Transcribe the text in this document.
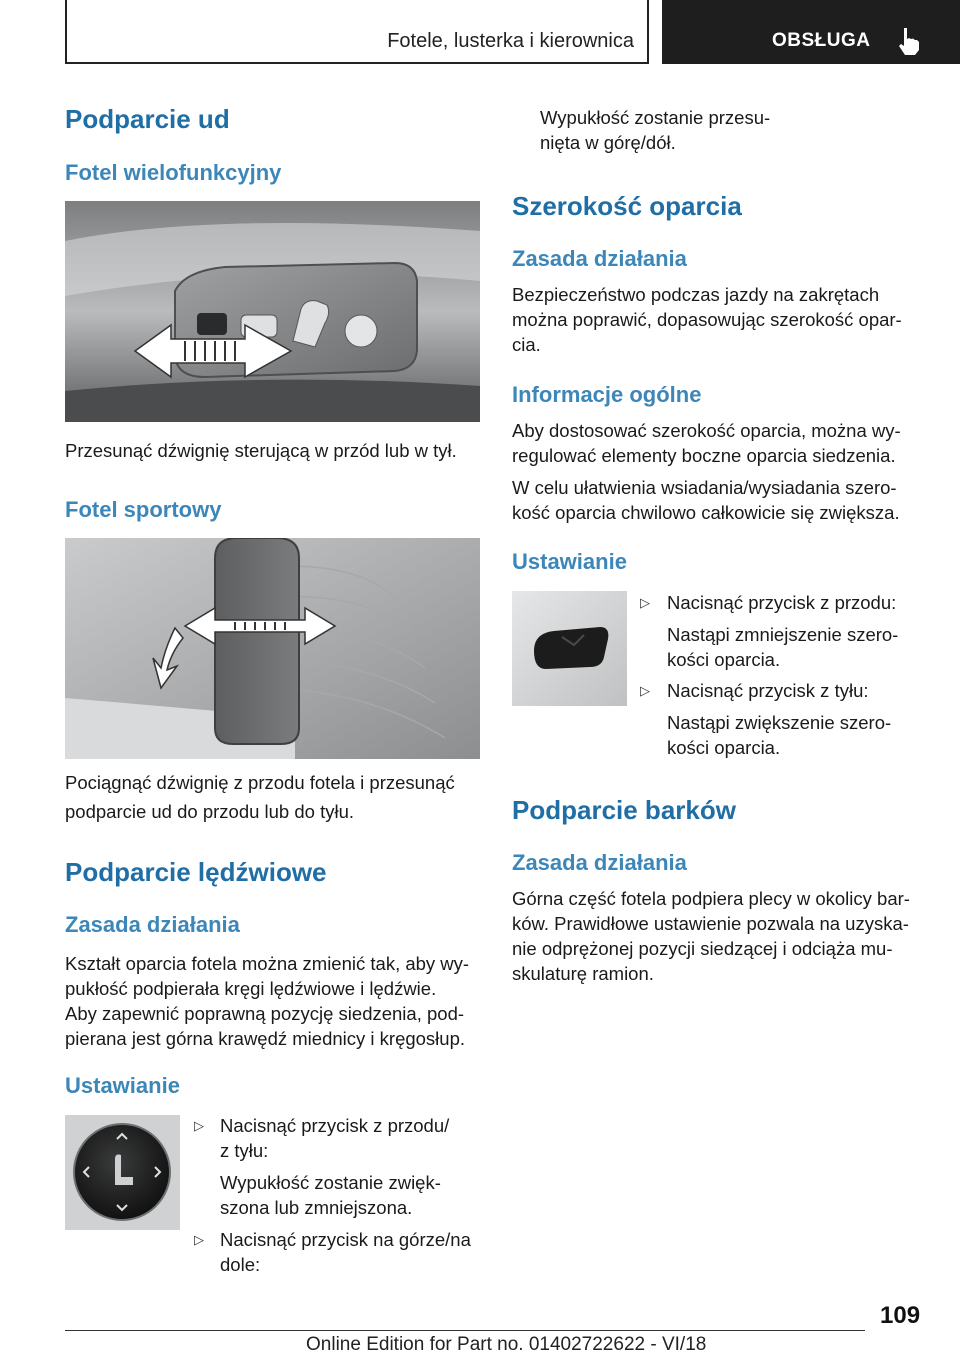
Fotele, lusterka i kierownica	OBSŁUGA
Podparcie ud
Fotel wielofunkcyjny
Przesunąć dźwignię sterującą w przód lub w tył.
Fotel sportowy
Pociągnąć dźwignię z przodu fotela i przesunąć
podparcie ud do przodu lub do tyłu.
Podparcie lędźwiowe
Zasada działania
Kształt oparcia fotela można zmienić tak, aby wy-
pukłość podpierała kręgi lędźwiowe i lędźwie.
Aby zapewnić poprawną pozycję siedzenia, pod-
pierana jest górna krawędź miednicy i kręgosłup.
Ustawianie
▷ Nacisnąć przycisk z przodu/
z tyłu:
Wypukłość zostanie zwięk-
szona lub zmniejszona.
▷ Nacisnąć przycisk na górze/na
dole:
Wypukłość zostanie przesu-
nięta w górę/dół.
Szerokość oparcia
Zasada działania
Bezpieczeństwo podczas jazdy na zakrętach
można poprawić, dopasowując szerokość opar-
cia.
Informacje ogólne
Aby dostosować szerokość oparcia, można wy-
regulować elementy boczne oparcia siedzenia.
W celu ułatwienia wsiadania/wysiadania szero-
kość oparcia chwilowo całkowicie się zwiększa.
Ustawianie
▷ Nacisnąć przycisk z przodu:
Nastąpi zmniejszenie szero-
kości oparcia.
▷ Nacisnąć przycisk z tyłu:
Nastąpi zwiększenie szero-
kości oparcia.
Podparcie barków
Zasada działania
Górna część fotela podpiera plecy w okolicy bar-
ków. Prawidłowe ustawienie pozwala na uzyska-
nie odprężonej pozycji siedzącej i odciąża mu-
skulaturę ramion.
109
Online Edition for Part no. 01402722622 - VI/18
